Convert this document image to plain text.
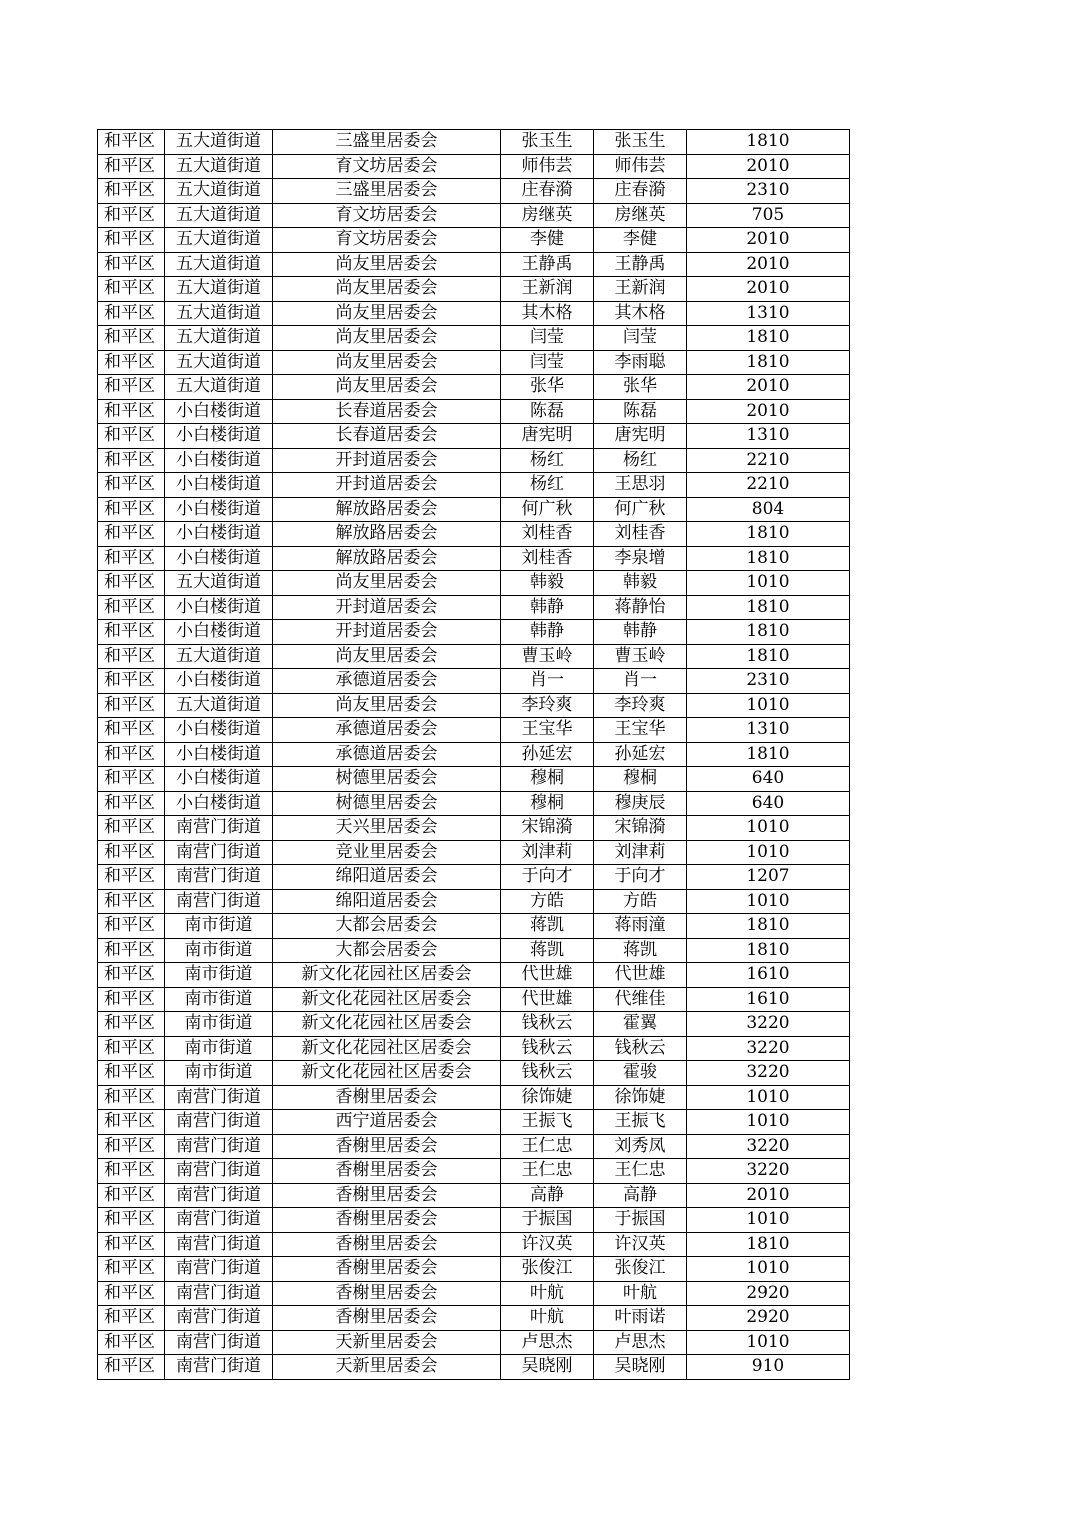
和平区	五大道街道	三盛里居委会	张玉生	张玉生	1810
和平区	五大道街道	育文坊居委会	师伟芸	师伟芸	2010
和平区	五大道街道	三盛里居委会	庄春漪	庄春漪	2310
和平区	五大道街道	育文坊居委会	房继英	房继英	705
和平区	五大道街道	育文坊居委会	李健	李健	2010
和平区	五大道街道	尚友里居委会	王静禹	王静禹	2010
和平区	五大道街道	尚友里居委会	王新润	王新润	2010
和平区	五大道街道	尚友里居委会	其木格	其木格	1310
和平区	五大道街道	尚友里居委会	闫莹	闫莹	1810
和平区	五大道街道	尚友里居委会	闫莹	李雨聪	1810
和平区	五大道街道	尚友里居委会	张华	张华	2010
和平区	小白楼街道	长春道居委会	陈磊	陈磊	2010
和平区	小白楼街道	长春道居委会	唐宪明	唐宪明	1310
和平区	小白楼街道	开封道居委会	杨红	杨红	2210
和平区	小白楼街道	开封道居委会	杨红	王思羽	2210
和平区	小白楼街道	解放路居委会	何广秋	何广秋	804
和平区	小白楼街道	解放路居委会	刘桂香	刘桂香	1810
和平区	小白楼街道	解放路居委会	刘桂香	李泉增	1810
和平区	五大道街道	尚友里居委会	韩毅	韩毅	1010
和平区	小白楼街道	开封道居委会	韩静	蒋静怡	1810
和平区	小白楼街道	开封道居委会	韩静	韩静	1810
和平区	五大道街道	尚友里居委会	曹玉岭	曹玉岭	1810
和平区	小白楼街道	承德道居委会	肖一	肖一	2310
和平区	五大道街道	尚友里居委会	李玲爽	李玲爽	1010
和平区	小白楼街道	承德道居委会	王宝华	王宝华	1310
和平区	小白楼街道	承德道居委会	孙延宏	孙延宏	1810
和平区	小白楼街道	树德里居委会	穆桐	穆桐	640
和平区	小白楼街道	树德里居委会	穆桐	穆庚辰	640
和平区	南营门街道	天兴里居委会	宋锦漪	宋锦漪	1010
和平区	南营门街道	竞业里居委会	刘津莉	刘津莉	1010
和平区	南营门街道	绵阳道居委会	于向才	于向才	1207
和平区	南营门街道	绵阳道居委会	方皓	方皓	1010
和平区	南市街道	大都会居委会	蒋凯	蒋雨潼	1810
和平区	南市街道	大都会居委会	蒋凯	蒋凯	1810
和平区	南市街道	新文化花园社区居委会	代世雄	代世雄	1610
和平区	南市街道	新文化花园社区居委会	代世雄	代维佳	1610
和平区	南市街道	新文化花园社区居委会	钱秋云	霍翼	3220
和平区	南市街道	新文化花园社区居委会	钱秋云	钱秋云	3220
和平区	南市街道	新文化花园社区居委会	钱秋云	霍骏	3220
和平区	南营门街道	香榭里居委会	徐饰婕	徐饰婕	1010
和平区	南营门街道	西宁道居委会	王振飞	王振飞	1010
和平区	南营门街道	香榭里居委会	王仁忠	刘秀凤	3220
和平区	南营门街道	香榭里居委会	王仁忠	王仁忠	3220
和平区	南营门街道	香榭里居委会	高静	高静	2010
和平区	南营门街道	香榭里居委会	于振国	于振国	1010
和平区	南营门街道	香榭里居委会	许汉英	许汉英	1810
和平区	南营门街道	香榭里居委会	张俊江	张俊江	1010
和平区	南营门街道	香榭里居委会	叶航	叶航	2920
和平区	南营门街道	香榭里居委会	叶航	叶雨诺	2920
和平区	南营门街道	天新里居委会	卢思杰	卢思杰	1010
和平区	南营门街道	天新里居委会	吴晓刚	吴晓刚	910
